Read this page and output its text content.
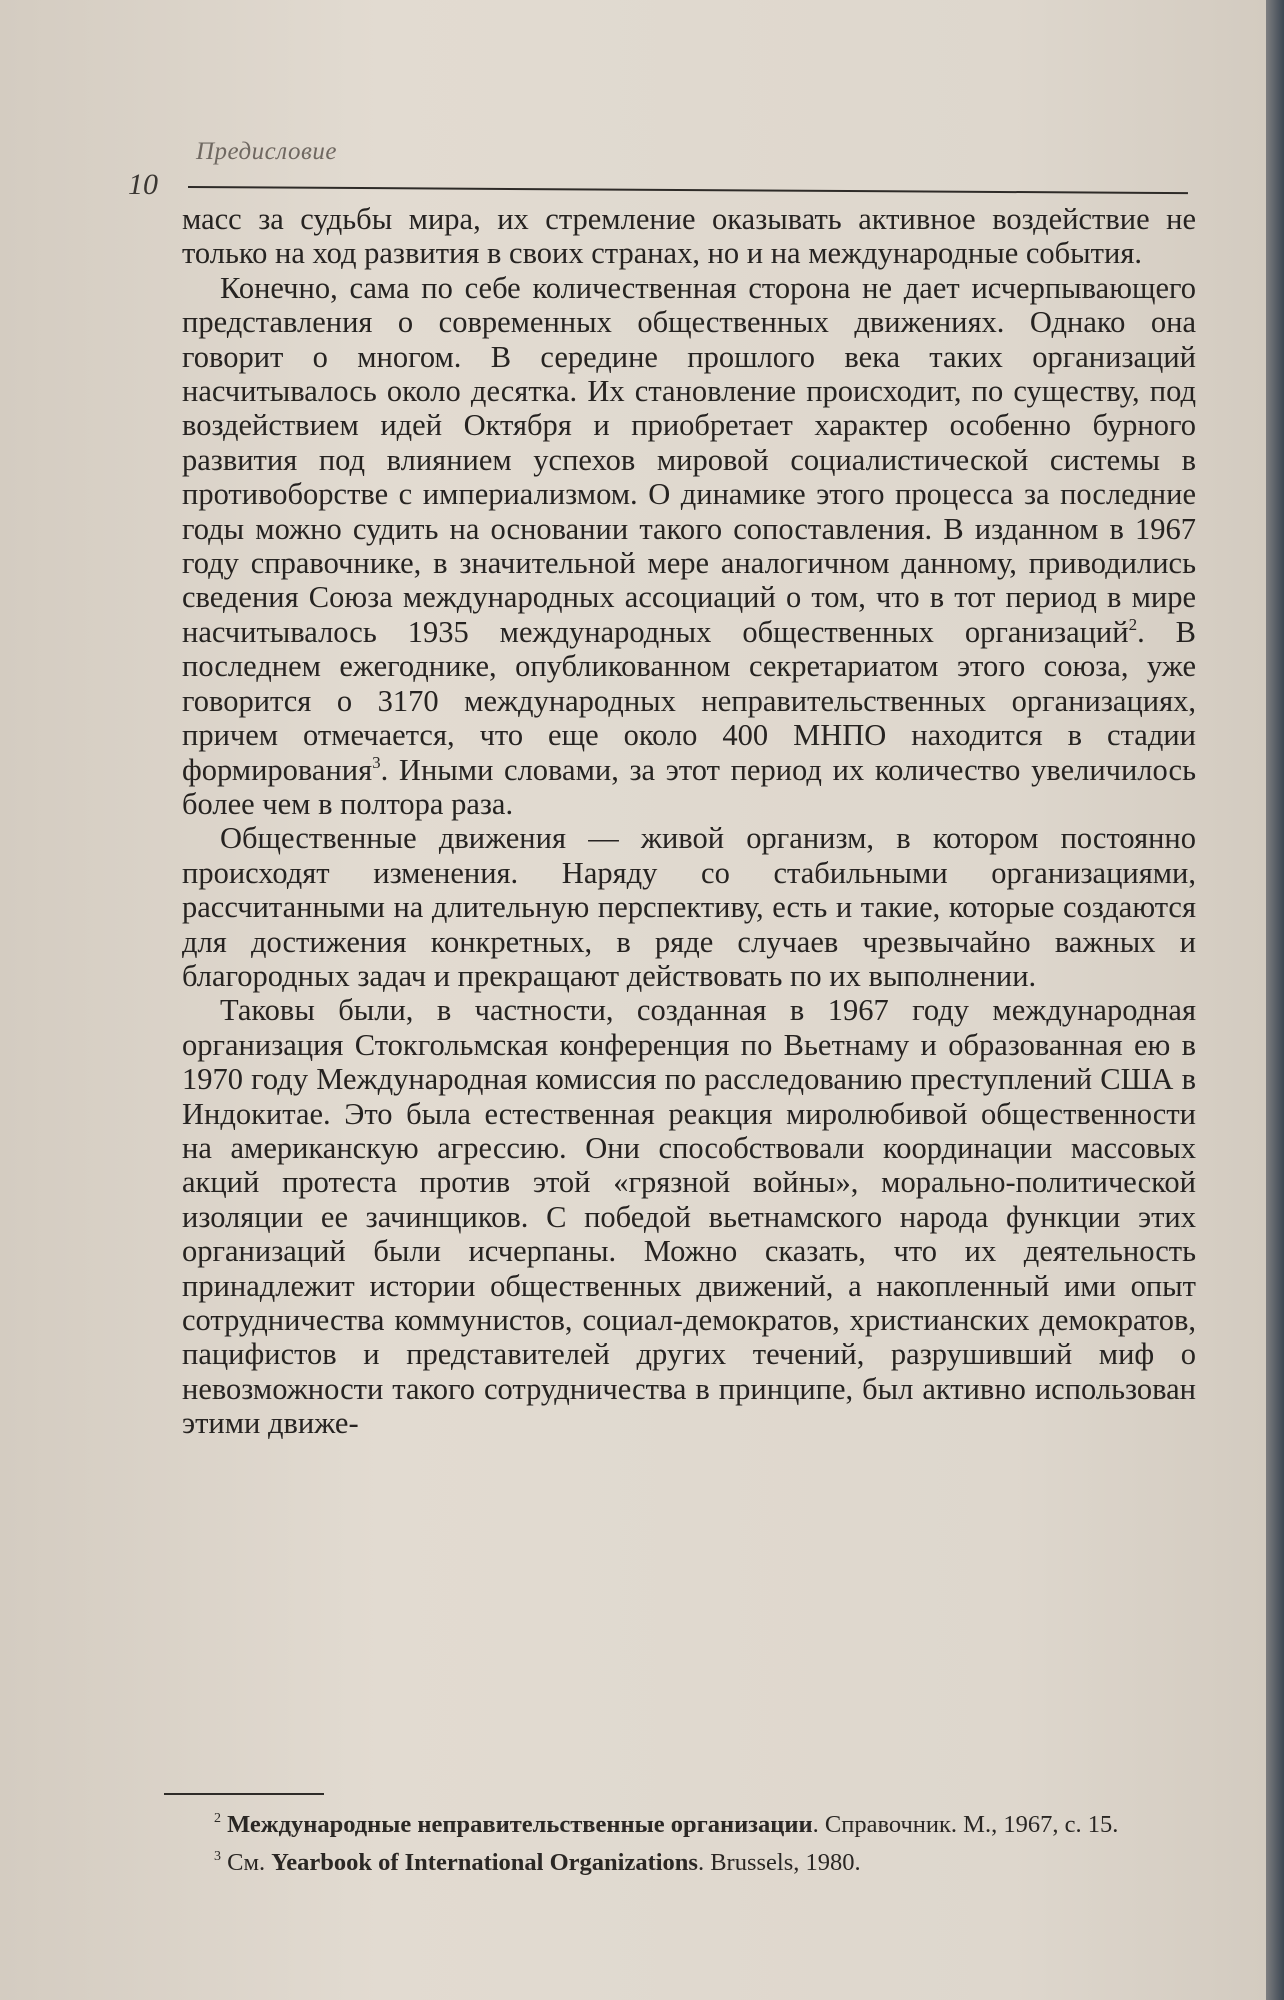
Предисловие
10

масс за судьбы мира, их стремление оказывать активное воздействие не только на ход развития в своих странах, но и на международные события.

Конечно, сама по себе количественная сторона не дает исчерпывающего представления о современных общественных движениях. Однако она говорит о многом. В середине прошлого века таких организаций насчитывалось около десятка. Их становление происходит, по существу, под воздействием идей Октября и приобретает характер особенно бурного развития под влиянием успехов мировой социалистической системы в противоборстве с империализмом. О динамике этого процесса за последние годы можно судить на основании такого сопоставления. В изданном в 1967 году справочнике, в значительной мере аналогичном данному, приводились сведения Союза международных ассоциаций о том, что в тот период в мире насчитывалось 1935 международных общественных организаций$^2$. В последнем ежегоднике, опубликованном секретариатом этого союза, уже говорится о 3170 международных неправительственных организациях, причем отмечается, что еще около 400 МНПО находится в стадии формирования$^3$. Иными словами, за этот период их количество увеличилось более чем в полтора раза.

Общественные движения — живой организм, в котором постоянно происходят изменения. Наряду со стабильными организациями, рассчитанными на длительную перспективу, есть и такие, которые создаются для достижения конкретных, в ряде случаев чрезвычайно важных и благородных задач и прекращают действовать по их выполнении.

Таковы были, в частности, созданная в 1967 году международная организация Стокгольмская конференция по Вьетнаму и образованная ею в 1970 году Международная комиссия по расследованию преступлений США в Индокитае. Это была естественная реакция миролюбивой общественности на американскую агрессию. Они способствовали координации массовых акций протеста против этой «грязной войны», морально-политической изоляции ее зачинщиков. С победой вьетнамского народа функции этих организаций были исчерпаны. Можно сказать, что их деятельность принадлежит истории общественных движений, а накопленный ими опыт сотрудничества коммунистов, социал-демократов, христианских демократов, пацифистов и представителей других течений, разрушивший миф о невозможности такого сотрудничества в принципе, был активно использован этими движе-

$^2$ Международные неправительственные организации. Справочник. М., 1967, с. 15.

$^3$ См. Yearbook of International Organizations. Brussels, 1980.
